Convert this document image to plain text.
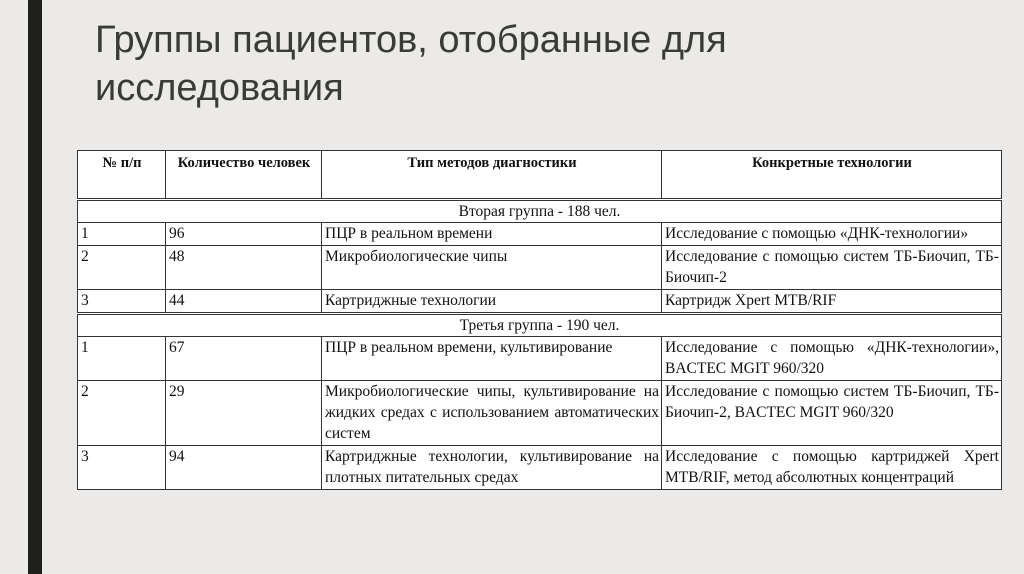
Группы пациентов, отобранные для исследования
№ п/п	Количество человек	Тип методов диагностики	Конкретные технологии
Вторая группа - 188 чел.			
1	96	ПЦР в реальном времени	Исследование с помощью «ДНК-технологии»
2	48	Микробиологические чипы	Исследование с помощью систем ТБ-Биочип, ТБ-Биочип-2
3	44	Картриджные технологии	Картридж Xpert MTB/RIF
Третья группа - 190 чел.			
1	67	ПЦР в реальном времени, культивирование	Исследование с помощью «ДНК-технологии», BACTEC MGIT 960/320
2	29	Микробиологические чипы, культивирование на жидких средах с использованием автоматических систем	Исследование с помощью систем ТБ-Биочип, ТБ-Биочип-2, BACTEC MGIT 960/320
3	94	Картриджные технологии, культивирование на плотных питательных средах	Исследование с помощью картриджей Xpert MTB/RIF, метод абсолютных концентраций
